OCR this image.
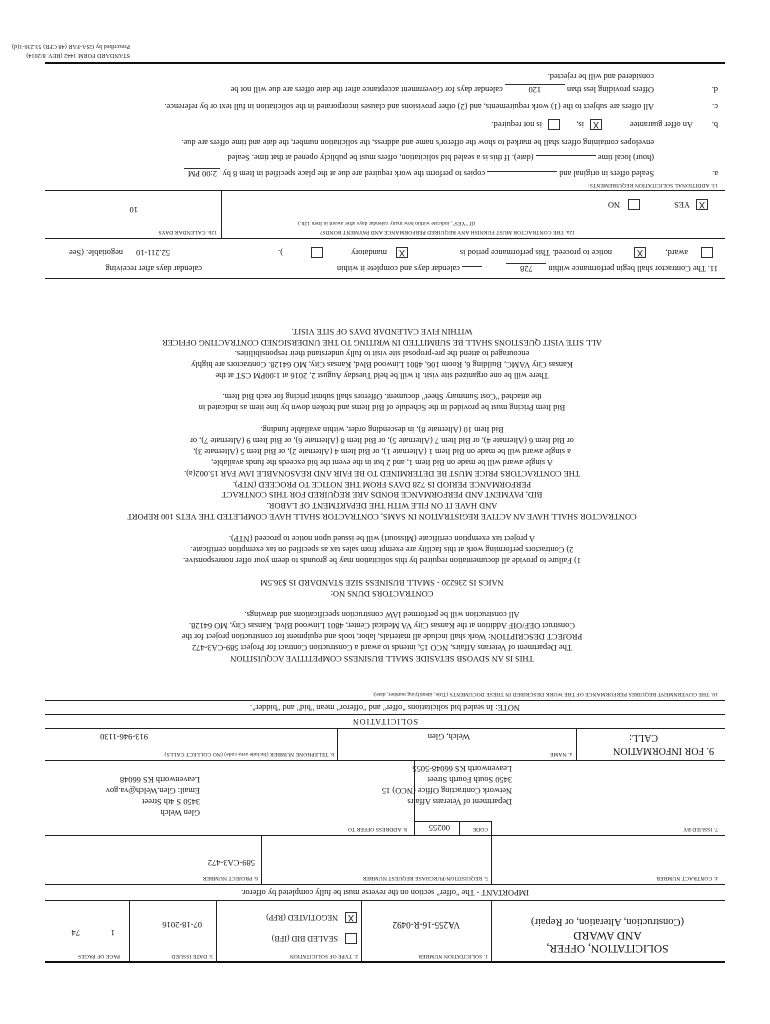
SOLICITATION, OFFER,
AND AWARD
(Construction, Alteration, or Repair)
1. SOLICITATION NUMBER
VA255-16-R-0492
2. TYPE OF SOLICITATION
SEALED BID (IFB)
X
NEGOTIATED (RFP)
3. DATE ISSUED
07-18-2016
PAGE OF PAGES
1
74
IMPORTANT - The "offer" section on the reverse must be fully completed by offeror.
4. CONTRACT NUMBER
5. REQUISITION/PURCHASE REQUEST NUMBER
6. PROJECT NUMBER
589-CA3-472
7. ISSUED BY
CODE
00255
Department of Veterans Affairs
Network Contracting Office (NCO) 15
3450 South Fourth Street
Leavenworth KS 66048-5055
8. ADDRESS OFFER TO
Glen Welch
3450 S 4th Street
Email: Glen.Welch@va.gov
Leavenworth KS 66048
9. FOR INFORMATION
CALL:
a. NAME
Welch, Glen
b. TELEPHONE NUMBER (Include area code) (NO COLLECT CALLS)
913-946-1130
SOLICITATION
NOTE: In sealed bid solicitations "offer" and "offeror" mean "bid" and "bidder".
10. THE GOVERNMENT REQUIRES PERFORMANCE OF THE WORK DESCRIBED IN THESE DOCUMENTS (Title, identifying number, date):
THIS IS AN SDVOSB SETASIDE SMALL BUSINESS COMPETITIVE ACQUISITION
The Department of Veterans Affairs, NCO 15, intends to award a Construction Contract for Project 589-CA3-472
PROJECT DESCRIPTION: Work shall include all materials, labor, tools and equipment for construction project for the
Construct OEF/OIF Addition at the Kansas City VA Medical Center, 4801 Linwood Blvd, Kansas City, MO 64128.
All construction will be performed IAW construction specifications and drawings.
CONTRACTORS DUNS NO:
NAICS IS 236220 - SMALL BUSINESS SIZE STANDARD IS $36.5M
1) Failure to provide all documentation required by this solicitation may be grounds to deem your offer nonresponsive.
2) Contractors performing work at this facility are exempt from sales tax as specified on tax exemption certificate.
A project tax exemption certificate (Missouri) will be issued upon notice to proceed (NTP).
CONTRACTOR SHALL HAVE AN ACTIVE REGISTRATION IN SAMS, CONTRACTOR SHALL HAVE COMPLETED THE VETS 100 REPORT
AND HAVE IT ON FILE WITH THE DEPARTMENT OF LABOR.
BID, PAYMENT AND PERFORMANCE BONDS ARE REQUIRED FOR THIS CONTRACT
PERFORMANCE PERIOD IS 728 DAYS FROM THE NOTICE TO PROCEED (NTP).
THE CONTRACTORS PRICE MUST BE DETERMINED TO BE FAIR AND REASONABLE IAW FAR 15.002(a).
A single award will be made on Bid Item 1, and 2 but in the event the bid exceeds the funds available,
a single award will be made on Bid Item 1 (Alternate 1), or Bid Item 4 (Alternate 2), or Bid Item 5 (Alternate 3),
or Bid Item 6 (Alternate 4), or Bid Item 7 (Alternate 5), or Bid Item 8 (Alternate 6), or Bid Item 9 (Alternate 7), or
Bid Item 10 (Alternate 8), in descending order, within available funding.
Bid Item Pricing must be provided in the Schedule of Bid Items and broken down by line item as indicated in
the attached "Cost Summary Sheet" document. Offerors shall submit pricing for each Bid Item.
There will be one organized site visit. It will be held Tuesday August 2, 2016 at 1:00PM CST at the
Kansas City VAMC, Building 6, Room 106, 4801 Linwood Blvd, Kansas City, MO 64128. Contractors are highly
encouraged to attend the pre-proposal site visit to fully understand their responsibilities.
ALL SITE VISIT QUESTIONS SHALL BE SUBMITTED IN WRITING TO THE UNDERSIGNED CONTRACTING OFFICER
WITHIN FIVE CALENDAR DAYS OF SITE VISIT.
11. The Contractor shall begin performance within 728
calendar days and complete it within
calendar days after receiving
award,
X
notice to proceed. This performance period is
X
mandatory
).
52.211-10
negotiable. (See
12a. THE CONTRACTOR MUST FURNISH ANY REQUIRED PERFORMANCE AND PAYMENT BONDS?
(If "YES", indicate within how many calendar days after award in Item 12b.)
NO	X
YES
12b. CALENDAR DAYS
10
13. ADDITIONAL SOLICITATION REQUIREMENTS:
a.
Sealed offers in original and  copies to perform the work required are due at the place specified in Item 8 by 2:00 PM
(hour) local time  (date). If this is a sealed bid solicitation, offers must be publicly opened at that time. Sealed
envelopes containing offers shall be marked to show the offeror's name and address, the solicitation number, the date and time offers are due.
b.
An offer guarantee
X
is,
is not required.
c.
All offers are subject to the (1) work requirements, and (2) other provisions and clauses incorporated in the solicitation in full text or by reference.
d.
Offers providing less than 120 calendar days for Government acceptance after the date offers are due will not be
considered and will be rejected.
STANDARD FORM 1442 (REV. 8/2014)
Prescribed by GSA-FAR (48 CFR) 53.236-1(d)
